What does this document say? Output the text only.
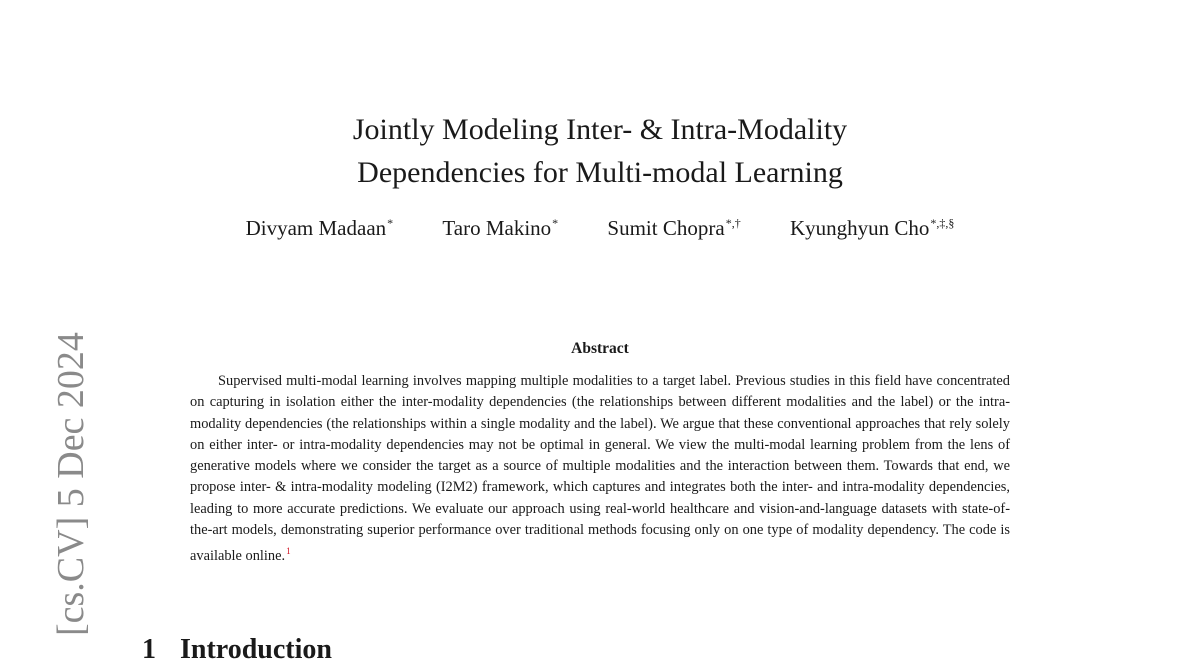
[cs.CV] 5 Dec 2024
Jointly Modeling Inter- & Intra-Modality
Dependencies for Multi-modal Learning
Divyam Madaan* Taro Makino* Sumit Chopra*,† Kyunghyun Cho*,‡,§
Abstract

Supervised multi-modal learning involves mapping multiple modalities to a target label. Previous studies in this field have concentrated on capturing in isolation either the inter-modality dependencies (the relationships between different modalities and the label) or the intra-modality dependencies (the relationships within a single modality and the label). We argue that these conventional approaches that rely solely on either inter- or intra-modality dependencies may not be optimal in general. We view the multi-modal learning problem from the lens of generative models where we consider the target as a source of multiple modalities and the interaction between them. Towards that end, we propose inter- & intra-modality modeling (I2M2) framework, which captures and integrates both the inter- and intra-modality dependencies, leading to more accurate predictions. We evaluate our approach using real-world healthcare and vision-and-language datasets with state-of-the-art models, demonstrating superior performance over traditional methods focusing only on one type of modality dependency. The code is available online.$^1$

1 Introduction
